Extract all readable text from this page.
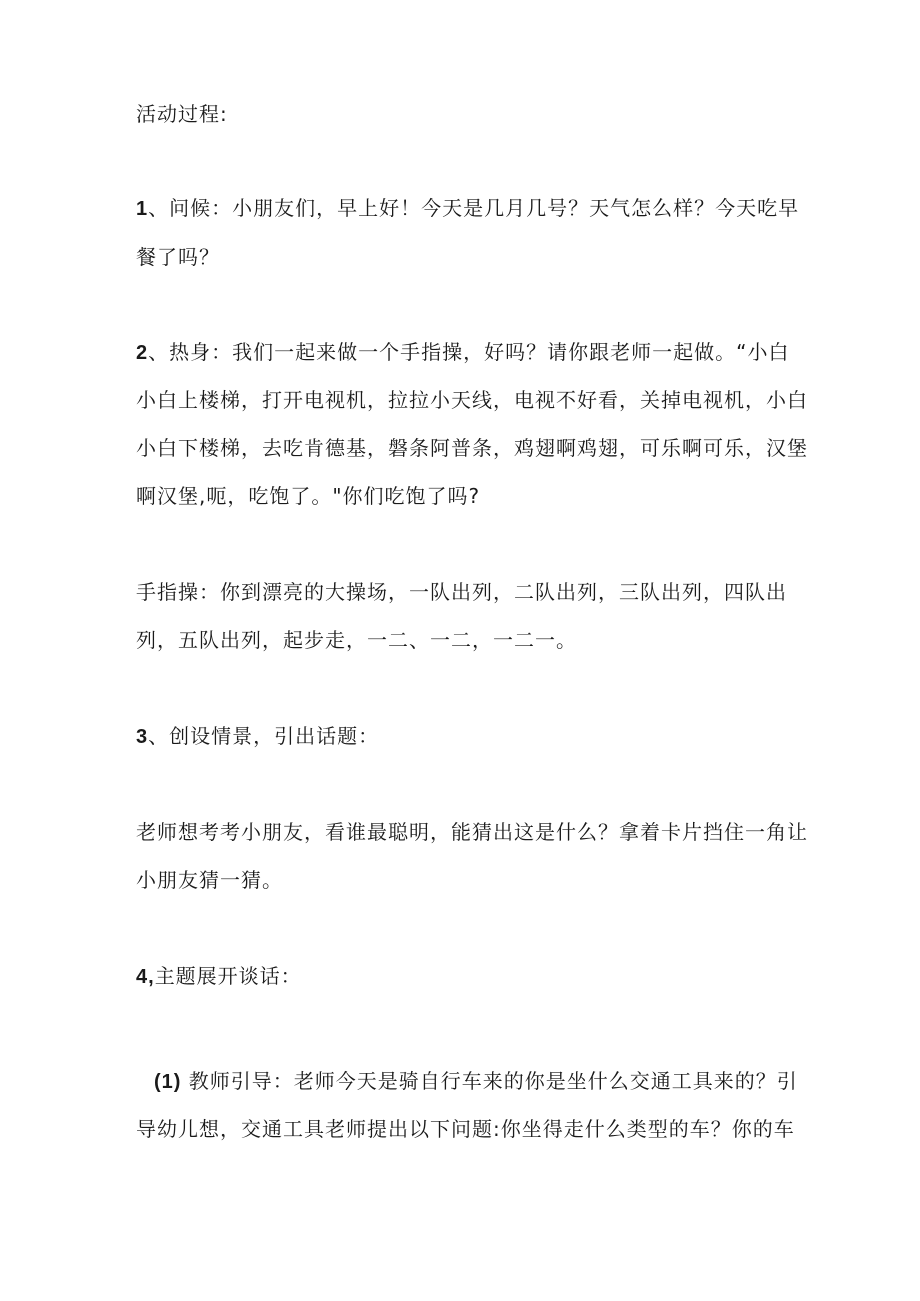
活动过程:

1、问候：小朋友们，早上好！今天是几月几号？天气怎么样？今天吃早

餐了吗？

2、热身：我们一起来做一个手指操，好吗？请你跟老师一起做。“小白

小白上楼梯，打开电视机，拉拉小天线，电视不好看，关掉电视机，小白

小白下楼梯，去吃肯德基，磐条阿普条，鸡翅啊鸡翅，可乐啊可乐，汉堡

啊汉堡,呃，吃饱了。"你们吃饱了吗?

手指操：你到漂亮的大操场，一队出列，二队出列，三队出列，四队出

列，五队出列，起步走，一二、一二，一二一。

3、创设情景，引出话题：

老师想考考小朋友，看谁最聪明，能猜出这是什么？拿着卡片挡住一角让

小朋友猜一猜。

4,主题展开谈话：

(1) 教师引导：老师今天是骑自行车来的你是坐什么交通工具来的？引

导幼儿想，交通工具老师提出以下问题:你坐得走什么类型的车？你的车
